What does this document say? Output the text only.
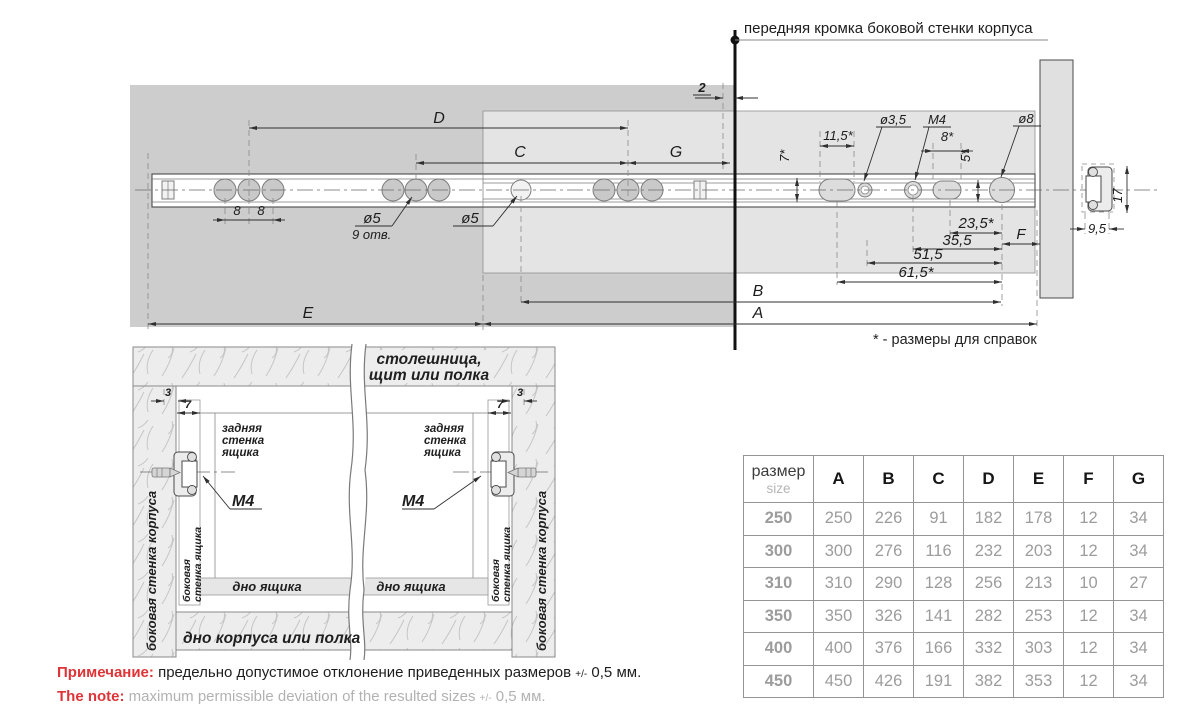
передняя кромка боковой стенки корпуса
2
D
C	G
8 8	ø5
9 отв.
ø5
7*
11,5*
ø3,5 M4
8*
5*
ø8
23,5*
35,5
51,5
61,5*
F
B
E	A
* - размеры для справок
17
9,5
3
7
3
7
столешница,
щит или полка
задняя
стенка
ящика
задняя
стенка
ящика
M4	M4
боковая стенка корпуса	боковая стенка корпуса
боковая стенка ящика	боковая стенка ящика
дно ящика	дно ящика
дно корпуса или полка
размер
size	A	B	C	D	E	F	G
250	250	226	91	182	178	12	34
300	300	276	116	232	203	12	34
310	310	290	128	256	213	10	27
350	350	326	141	282	253	12	34
400	400	376	166	332	303	12	34
450	450	426	191	382	353	12	34
Примечание: предельно допустимое отклонение приведенных размеров +/- 0,5 мм.
The note: maximum permissible deviation of the resulted sizes +/- 0,5 мм.
